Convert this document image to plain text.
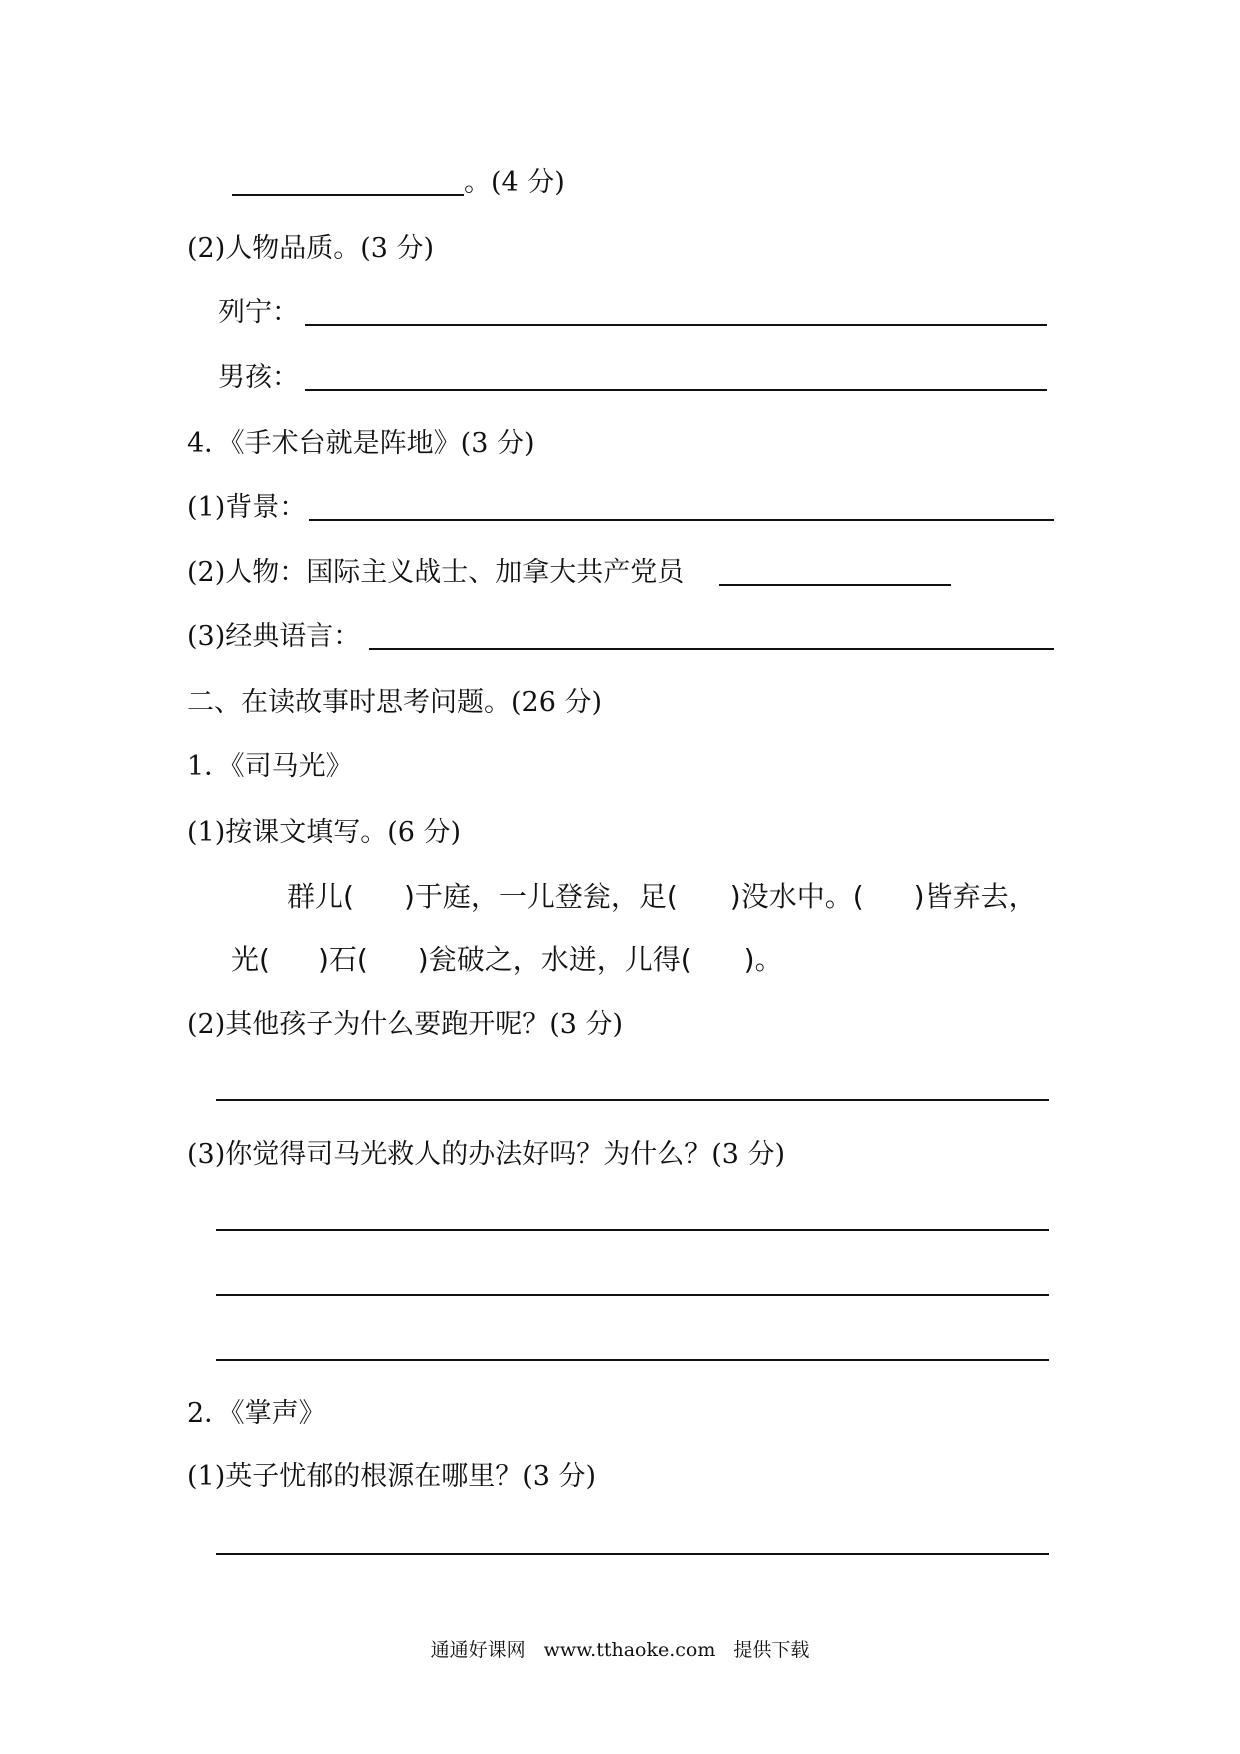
。(4 分)
(2)人物品质。(3 分)
列宁：
男孩：
4．《手术台就是阵地》(3 分)
(1)背景：
(2)人物：国际主义战士、加拿大共产党员
(3)经典语言：
二、在读故事时思考问题。(26 分)
1．《司马光》
(1)按课文填写。(6 分)
群儿( )于庭，一儿登瓮，足( )没水中。( )皆弃去，
光( )石( )瓮破之，水迸，儿得( )。
(2)其他孩子为什么要跑开呢？(3 分)
(3)你觉得司马光救人的办法好吗？为什么？(3 分)
2．《掌声》
(1)英子忧郁的根源在哪里？(3 分)
通通好课网 www.tthaoke.com 提供下载
